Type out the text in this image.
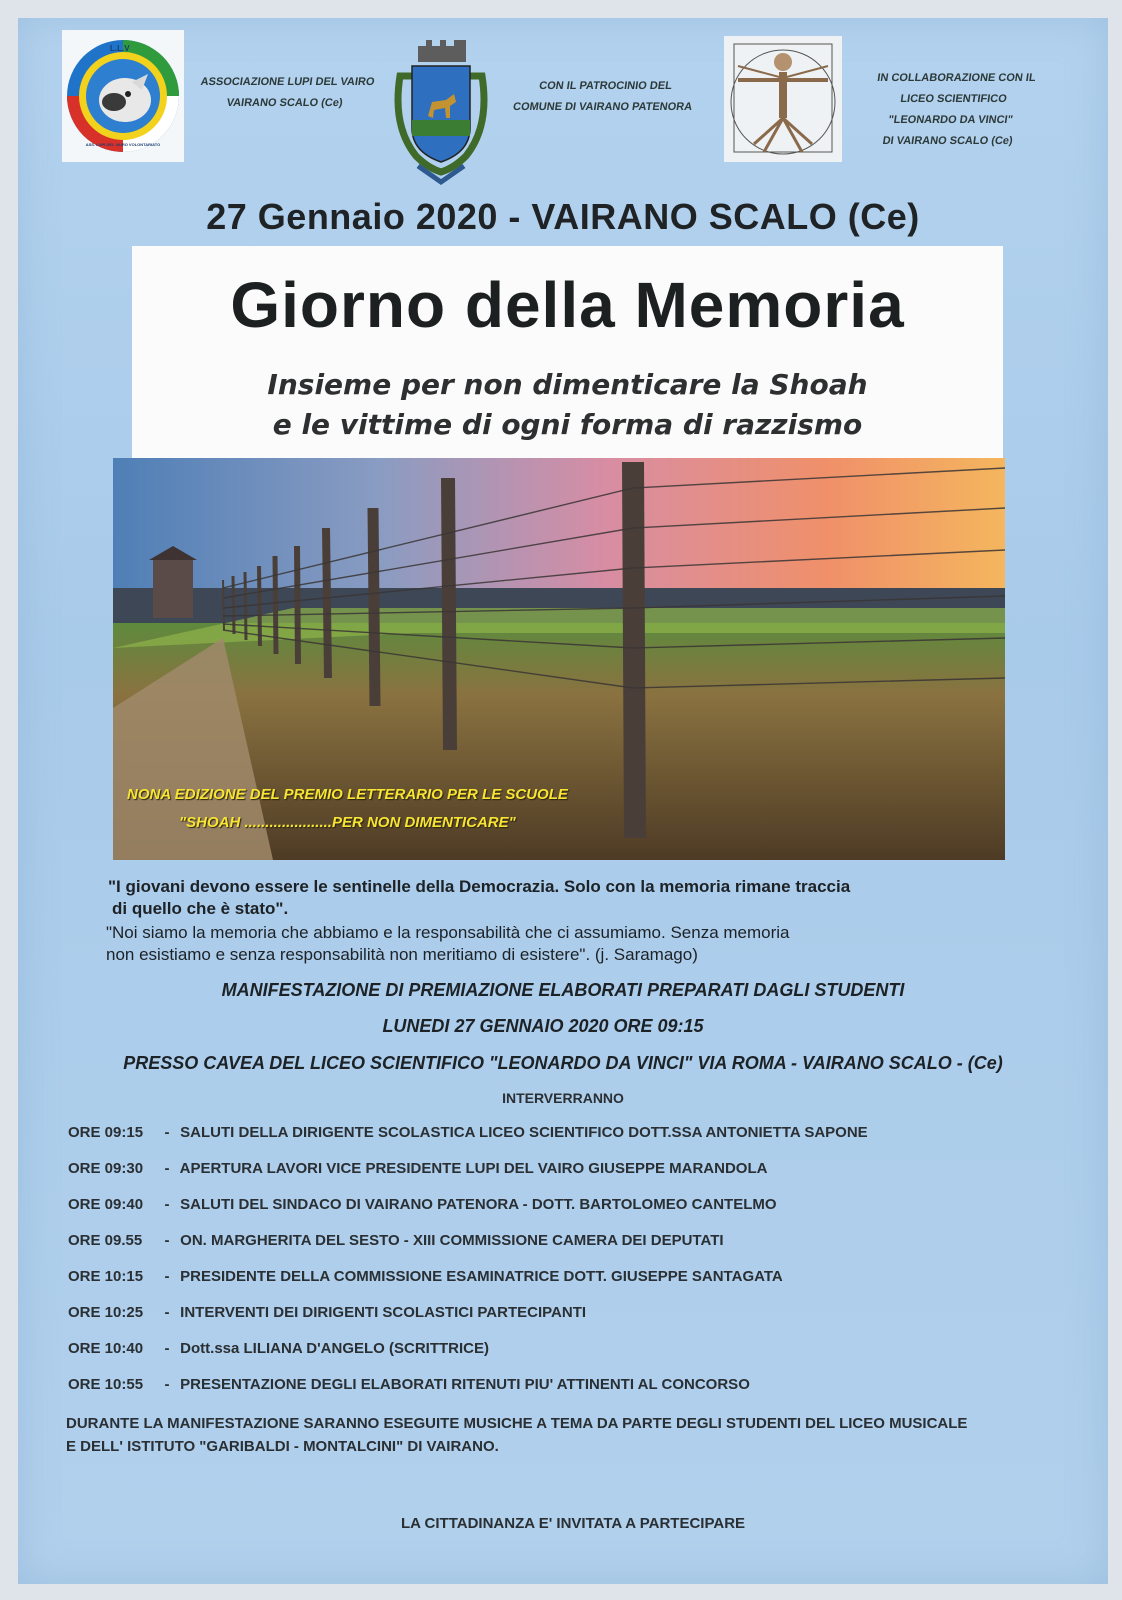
L.L.V
ASS. LUPI DEL VAIRO VOLONTARIATO
ASSOCIAZIONE LUPI DEL VAIRO
VAIRANO SCALO (Ce)
CON IL PATROCINIO DEL
COMUNE DI VAIRANO PATENORA
IN COLLABORAZIONE CON IL
LICEO SCIENTIFICO
"LEONARDO DA VINCI"
DI VAIRANO SCALO (Ce)
27 Gennaio 2020 - VAIRANO SCALO (Ce)
Giorno della Memoria
Insieme per non dimenticare la Shoah
e le vittime di ogni forma di razzismo
NONA EDIZIONE DEL PREMIO LETTERARIO PER LE SCUOLE
"SHOAH .....................PER NON DIMENTICARE"
"I giovani devono essere le sentinelle della Democrazia. Solo con la memoria rimane traccia
di quello che è stato".
"Noi siamo la memoria che abbiamo e la responsabilità che ci assumiamo. Senza memoria
non esistiamo e senza responsabilità non meritiamo di esistere". (j. Saramago)
MANIFESTAZIONE DI PREMIAZIONE ELABORATI PREPARATI DAGLI STUDENTI
LUNEDI 27 GENNAIO 2020 ORE 09:15
PRESSO CAVEA DEL LICEO SCIENTIFICO "LEONARDO DA VINCI" VIA ROMA - VAIRANO SCALO - (Ce)
INTERVERRANNO
ORE 09:15 - SALUTI DELLA DIRIGENTE SCOLASTICA LICEO SCIENTIFICO DOTT.SSA ANTONIETTA SAPONE
ORE 09:30 - APERTURA LAVORI VICE PRESIDENTE LUPI DEL VAIRO GIUSEPPE MARANDOLA
ORE 09:40 - SALUTI DEL SINDACO DI VAIRANO PATENORA - DOTT. BARTOLOMEO CANTELMO
ORE 09.55 - ON. MARGHERITA DEL SESTO - XIII COMMISSIONE CAMERA DEI DEPUTATI
ORE 10:15 - PRESIDENTE DELLA COMMISSIONE ESAMINATRICE DOTT. GIUSEPPE SANTAGATA
ORE 10:25 - INTERVENTI DEI DIRIGENTI SCOLASTICI PARTECIPANTI
ORE 10:40 - Dott.ssa LILIANA D'ANGELO (SCRITTRICE)
ORE 10:55 - PRESENTAZIONE DEGLI ELABORATI RITENUTI PIU' ATTINENTI AL CONCORSO
DURANTE LA MANIFESTAZIONE SARANNO ESEGUITE MUSICHE A TEMA DA PARTE DEGLI STUDENTI DEL LICEO MUSICALE
E DELL' ISTITUTO "GARIBALDI - MONTALCINI" DI VAIRANO.
LA CITTADINANZA E' INVITATA A PARTECIPARE
